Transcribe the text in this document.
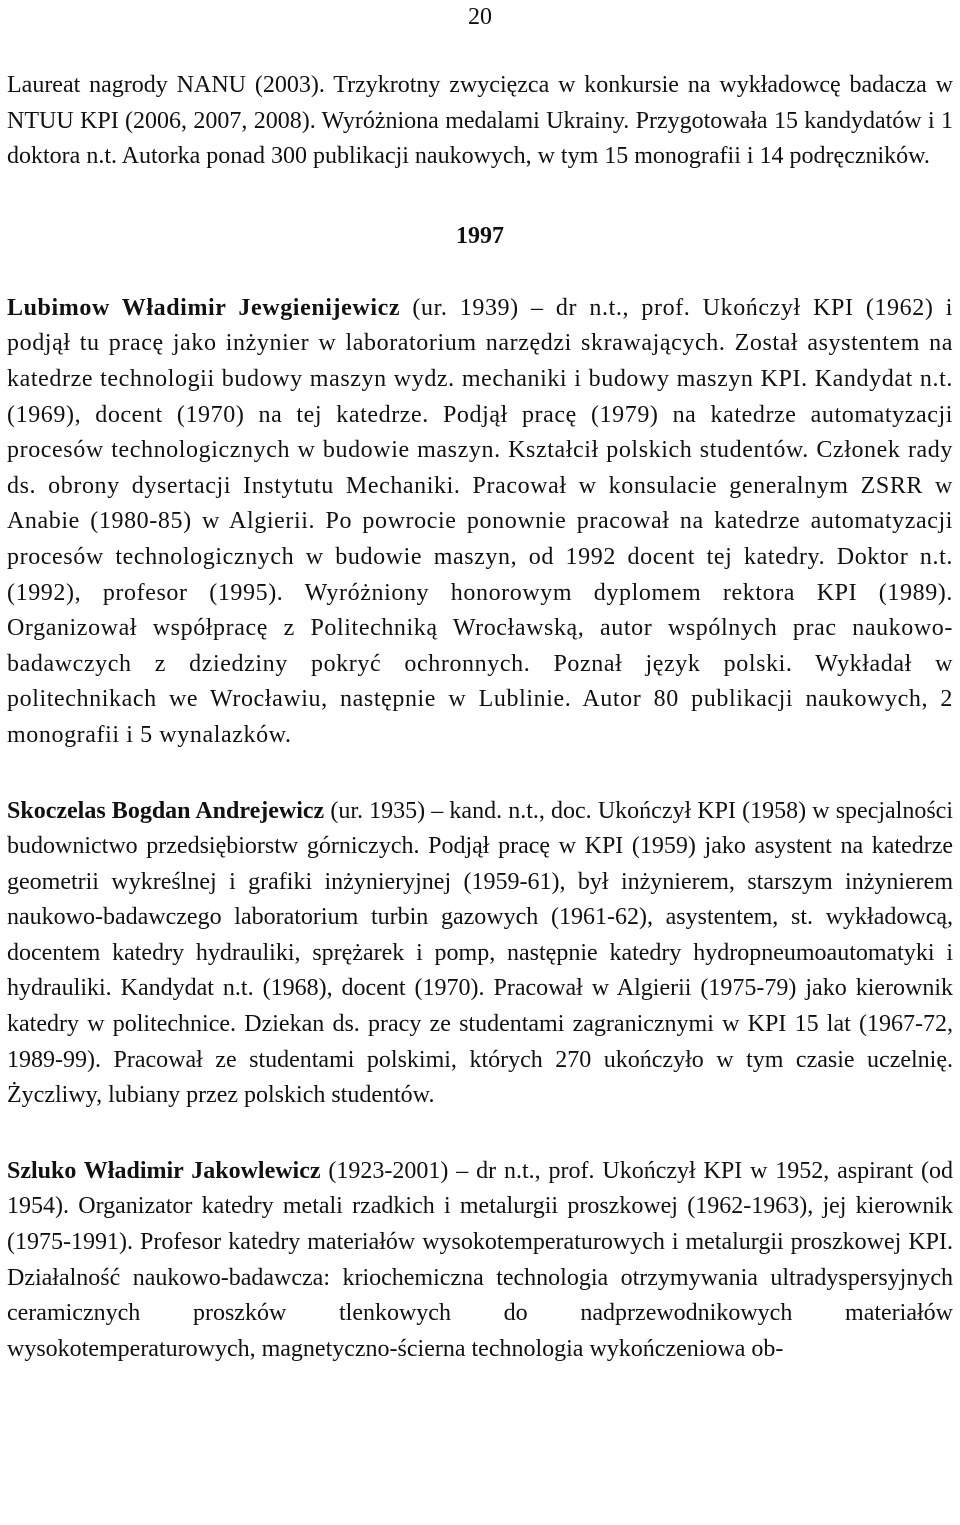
20

Laureat nagrody NANU (2003). Trzykrotny zwycięzca w konkursie na wykładowcę badacza w NTUU KPI (2006, 2007, 2008). Wyróżniona medalami Ukrainy. Przygotowała 15 kandydatów i 1 doktora n.t. Autorka ponad 300 publikacji naukowych, w tym 15 monografii i 14 podręczników.

1997

Lubimow Władimir Jewgienijewicz (ur. 1939) – dr n.t., prof. Ukończył KPI (1962) i podjął tu pracę jako inżynier w laboratorium narzędzi skrawających. Został asystentem na katedrze technologii budowy maszyn wydz. mechaniki i budowy maszyn KPI. Kandydat n.t. (1969), docent (1970) na tej katedrze. Podjął pracę (1979) na katedrze automatyzacji procesów technologicznych w budowie maszyn. Kształcił polskich studentów. Członek rady ds. obrony dysertacji Instytutu Mechaniki. Pracował w konsulacie generalnym ZSRR w Anabie (1980-85) w Algierii. Po powrocie ponownie pracował na katedrze automatyzacji procesów technologicznych w budowie maszyn, od 1992 docent tej katedry. Doktor n.t. (1992), profesor (1995). Wyróżniony honorowym dyplomem rektora KPI (1989). Organizował współpracę z Politechniką Wrocławską, autor wspólnych prac naukowo-badawczych z dziedziny pokryć ochronnych. Poznał język polski. Wykładał w politechnikach we Wrocławiu, następnie w Lublinie. Autor 80 publikacji naukowych, 2 monografii i 5 wynalazków.

Skoczelas Bogdan Andrejewicz (ur. 1935) – kand. n.t., doc. Ukończył KPI (1958) w specjalności budownictwo przedsiębiorstw górniczych. Podjął pracę w KPI (1959) jako asystent na katedrze geometrii wykreślnej i grafiki inżynieryjnej (1959-61), był inżynierem, starszym inżynierem naukowo-badawczego laboratorium turbin gazowych (1961-62), asystentem, st. wykładowcą, docentem katedry hydrauliki, sprężarek i pomp, następnie katedry hydropneumoautomatyki i hydrauliki. Kandydat n.t. (1968), docent (1970). Pracował w Algierii (1975-79) jako kierownik katedry w politechnice. Dziekan ds. pracy ze studentami zagranicznymi w KPI 15 lat (1967-72, 1989-99). Pracował ze studentami polskimi, których 270 ukończyło w tym czasie uczelnię. Życzliwy, lubiany przez polskich studentów.

Szluko Władimir Jakowlewicz (1923-2001) – dr n.t., prof. Ukończył KPI w 1952, aspirant (od 1954). Organizator katedry metali rzadkich i metalurgii proszkowej (1962-1963), jej kierownik (1975-1991). Profesor katedry materiałów wysokotemperaturowych i metalurgii proszkowej KPI. Działalność naukowo-badawcza: kriochemiczna technologia otrzymywania ultradyspersyjnych ceramicznych proszków tlenkowych do nadprzewodnikowych materiałów wysokotemperaturowych, magnetyczno-ścierna technologia wykończeniowa ob-
